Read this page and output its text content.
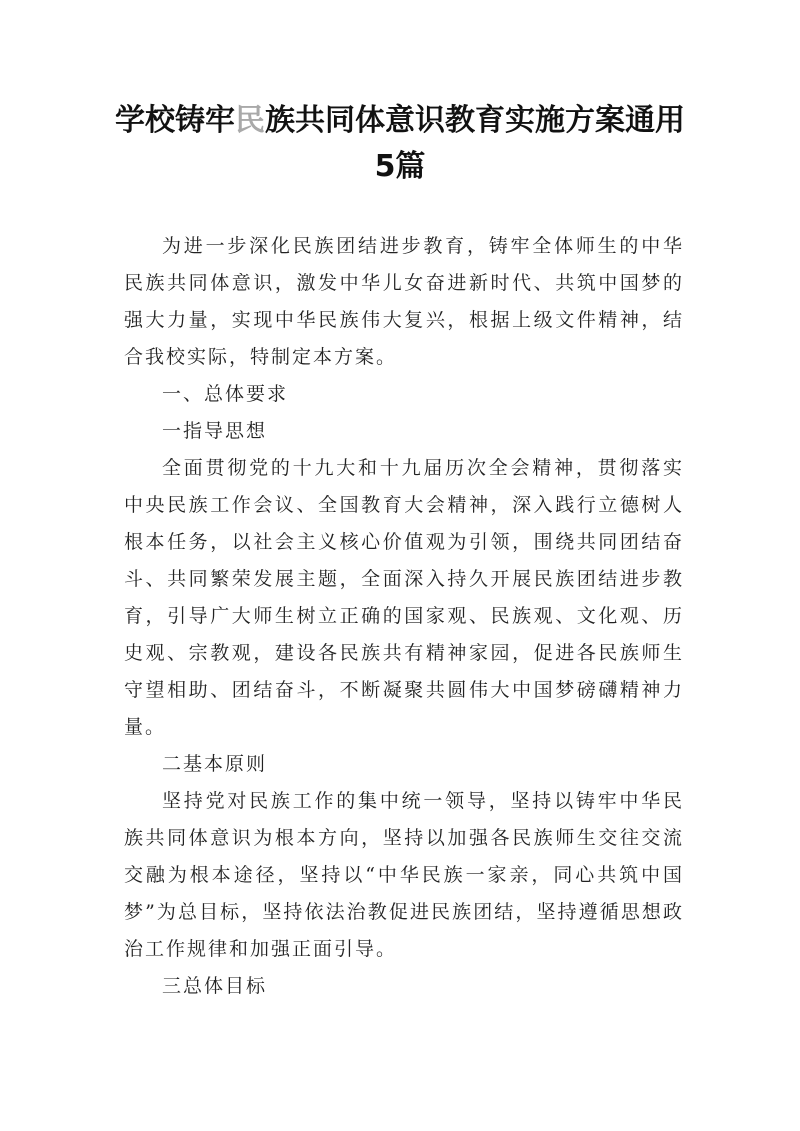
学校铸牢民族共同体意识教育实施方案通用5篇

为进一步深化民族团结进步教育，铸牢全体师生的中华民族共同体意识，激发中华儿女奋进新时代、共筑中国梦的强大力量，实现中华民族伟大复兴，根据上级文件精神，结合我校实际，特制定本方案。

一、总体要求

一指导思想

全面贯彻党的十九大和十九届历次全会精神，贯彻落实中央民族工作会议、全国教育大会精神，深入践行立德树人根本任务，以社会主义核心价值观为引领，围绕共同团结奋斗、共同繁荣发展主题，全面深入持久开展民族团结进步教育，引导广大师生树立正确的国家观、民族观、文化观、历史观、宗教观，建设各民族共有精神家园，促进各民族师生守望相助、团结奋斗，不断凝聚共圆伟大中国梦磅礴精神力量。

二基本原则

坚持党对民族工作的集中统一领导，坚持以铸牢中华民族共同体意识为根本方向，坚持以加强各民族师生交往交流交融为根本途径，坚持以“中华民族一家亲，同心共筑中国梦”为总目标，坚持依法治教促进民族团结，坚持遵循思想政治工作规律和加强正面引导。

三总体目标
